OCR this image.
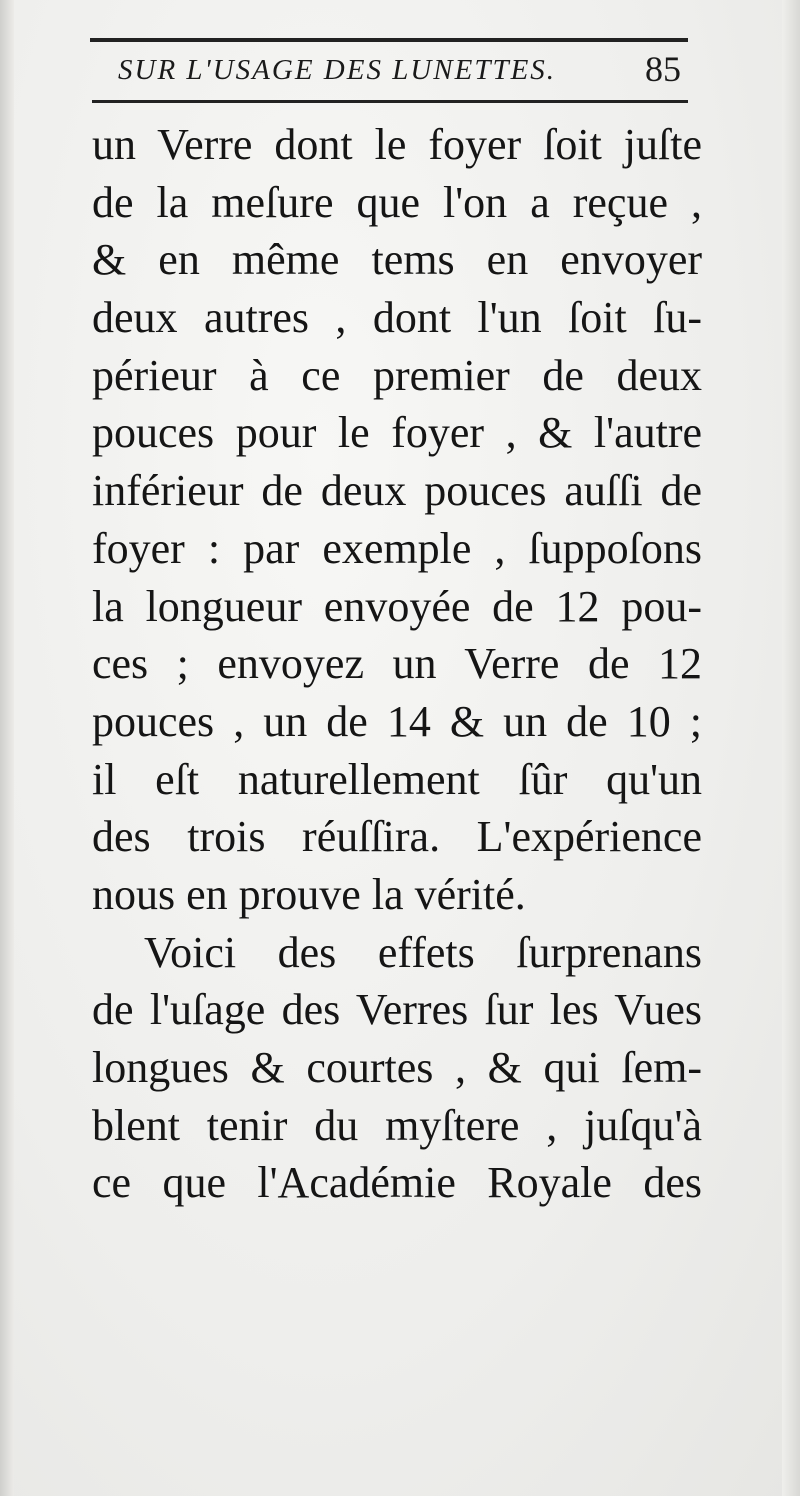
SUR L'USAGE DES LUNETTES.	85
un Verre dont le foyer ſoit juſte
de la meſure que l'on a reçue ,
& en même tems en envoyer
deux autres , dont l'un ſoit ſu-
périeur à ce premier de deux
pouces pour le foyer , & l'autre
inférieur de deux pouces auſſi de
foyer : par exemple , ſuppoſons
la longueur envoyée de 12 pou-
ces ; envoyez un Verre de 12
pouces , un de 14 & un de 10 ;
il eſt naturellement ſûr qu'un
des trois réuſſira. L'expérience
nous en prouve la vérité.
Voici des effets ſurprenans
de l'uſage des Verres ſur les Vues
longues & courtes , & qui ſem-
blent tenir du myſtere , juſqu'à
ce que l'Académie Royale des
